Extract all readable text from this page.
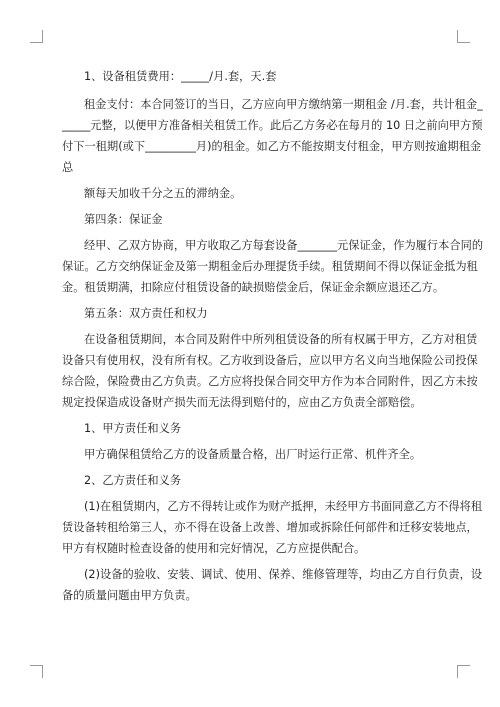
1、设备租赁费用：_____/月.套，天.套

租金支付：本合同签订的当日，乙方应向甲方缴纳第一期租金 /月.套，共计租金_

_____元整，以便甲方准备相关租赁工作。此后乙方务必在每月的 10 日之前向甲方预

付下一租期(或下_________月)的租金。如乙方不能按期支付租金，甲方则按逾期租金

总

额每天加收千分之五的滞纳金。

第四条：保证金

经甲、乙双方协商，甲方收取乙方每套设备_______元保证金，作为履行本合同的

保证。乙方交纳保证金及第一期租金后办理提货手续。租赁期间不得以保证金抵为租

金。租赁期满，扣除应付租赁设备的缺损赔偿金后，保证金余额应退还乙方。

第五条：双方责任和权力

在设备租赁期间，本合同及附件中所列租赁设备的所有权属于甲方，乙方对租赁

设备只有使用权，没有所有权。乙方收到设备后，应以甲方名义向当地保险公司投保

综合险，保险费由乙方负责。乙方应将投保合同交甲方作为本合同附件，因乙方未按

规定投保造成设备财产损失而无法得到赔付的，应由乙方负责全部赔偿。

1、甲方责任和义务

甲方确保租赁给乙方的设备质量合格，出厂时运行正常、机件齐全。

2、乙方责任和义务

(1)在租赁期内，乙方不得转让或作为财产抵押，未经甲方书面同意乙方不得将租

赁设备转租给第三人，亦不得在设备上改善、增加或拆除任何部件和迁移安装地点，

甲方有权随时检查设备的使用和完好情况，乙方应提供配合。

(2)设备的验收、安装、调试、使用、保养、维修管理等，均由乙方自行负责，设

备的质量问题由甲方负责。
